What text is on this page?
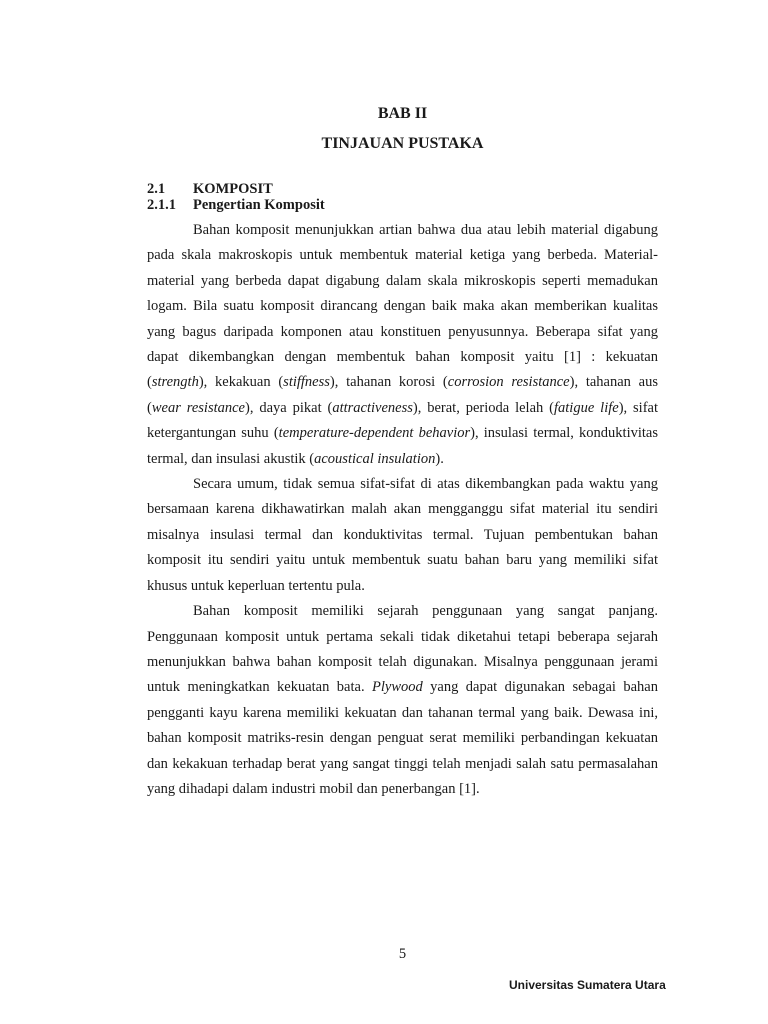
BAB II
TINJAUAN PUSTAKA
2.1 KOMPOSIT
2.1.1 Pengertian Komposit

Bahan komposit menunjukkan artian bahwa dua atau lebih material digabung pada skala makroskopis untuk membentuk material ketiga yang berbeda. Material-material yang berbeda dapat digabung dalam skala mikroskopis seperti memadukan logam. Bila suatu komposit dirancang dengan baik maka akan memberikan kualitas yang bagus daripada komponen atau konstituen penyusunnya. Beberapa sifat yang dapat dikembangkan dengan membentuk bahan komposit yaitu [1] : kekuatan (strength), kekakuan (stiffness), tahanan korosi (corrosion resistance), tahanan aus (wear resistance), daya pikat (attractiveness), berat, perioda lelah (fatigue life), sifat ketergantungan suhu (temperature-dependent behavior), insulasi termal, konduktivitas termal, dan insulasi akustik (acoustical insulation).

Secara umum, tidak semua sifat-sifat di atas dikembangkan pada waktu yang bersamaan karena dikhawatirkan malah akan mengganggu sifat material itu sendiri misalnya insulasi termal dan konduktivitas termal. Tujuan pembentukan bahan komposit itu sendiri yaitu untuk membentuk suatu bahan baru yang memiliki sifat khusus untuk keperluan tertentu pula.

Bahan komposit memiliki sejarah penggunaan yang sangat panjang. Penggunaan komposit untuk pertama sekali tidak diketahui tetapi beberapa sejarah menunjukkan bahwa bahan komposit telah digunakan. Misalnya penggunaan jerami untuk meningkatkan kekuatan bata. Plywood yang dapat digunakan sebagai bahan pengganti kayu karena memiliki kekuatan dan tahanan termal yang baik. Dewasa ini, bahan komposit matriks-resin dengan penguat serat memiliki perbandingan kekuatan dan kekakuan terhadap berat yang sangat tinggi telah menjadi salah satu permasalahan yang dihadapi dalam industri mobil dan penerbangan [1].

5
Universitas Sumatera Utara
